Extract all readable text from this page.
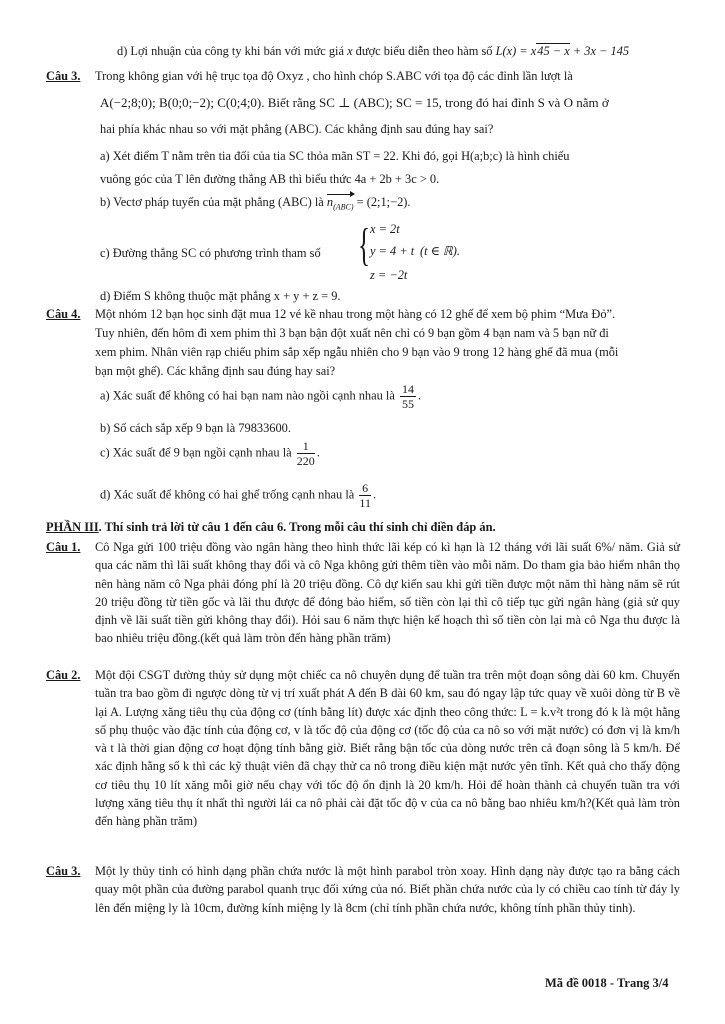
d) Lợi nhuận của công ty khi bán với mức giá x được biểu diễn theo hàm số L(x) = x45 − x + 3x − 145
Câu 3. Trong không gian với hệ trục tọa độ Oxyz , cho hình chóp S.ABC với tọa độ các đỉnh lần lượt là
A(−2;8;0); B(0;0;−2); C(0;4;0). Biết rằng SC ⊥ (ABC); SC = 15, trong đó hai đỉnh S và O nằm ở
hai phía khác nhau so với mặt phẳng (ABC). Các khẳng định sau đúng hay sai?
a) Xét điểm T nằm trên tia đối của tia SC thỏa mãn ST = 22. Khi đó, gọi H(a;b;c) là hình chiếu
vuông góc của T lên đường thẳng AB thì biểu thức 4a + 2b + 3c > 0.
b) Vectơ pháp tuyến của mặt phẳng (ABC) là $n_{(ABC)}$ = (2;1;−2).
c) Đường thẳng SC có phương trình tham số { x = 2t
y = 4 + t
z = −2t
(t ∈ ℝ).
d) Điểm S không thuộc mặt phẳng x + y + z = 9.
Câu 4. Một nhóm 12 bạn học sinh đặt mua 12 vé kề nhau trong một hàng có 12 ghế để xem bộ phim “Mưa Đỏ”.
Tuy nhiên, đến hôm đi xem phim thì 3 bạn bận đột xuất nên chỉ có 9 bạn gồm 4 bạn nam và 5 bạn nữ đi
xem phim. Nhân viên rạp chiếu phim sắp xếp ngẫu nhiên cho 9 bạn vào 9 trong 12 hàng ghế đã mua (mỗi
bạn một ghế). Các khẳng định sau đúng hay sai?
a) Xác suất để không có hai bạn nam nào ngồi cạnh nhau là $\frac{14}{55}$ .
b) Số cách sắp xếp 9 bạn là 79833600.
c) Xác suất để 9 bạn ngồi cạnh nhau là $\frac{1}{220}$ .
d) Xác suất để không có hai ghế trống cạnh nhau là $\frac{6}{11}$ .
PHẦN III. Thí sinh trả lời từ câu 1 đến câu 6. Trong mỗi câu thí sinh chỉ điền đáp án.
Câu 1. Cô Nga gửi 100 triệu đồng vào ngân hàng theo hình thức lãi kép có kì hạn là 12 tháng với lãi suất 6%/ năm. Giả sử qua các năm thì lãi suất không thay đổi và cô Nga không gửi thêm tiền vào mỗi năm. Do tham gia bảo hiểm nhân thọ nên hàng năm cô Nga phải đóng phí là 20 triệu đồng. Cô dự kiến sau khi gửi tiền được một năm thì hàng năm sẽ rút 20 triệu đồng từ tiền gốc và lãi thu được để đóng bảo hiểm, số tiền còn lại thì cô tiếp tục gửi ngân hàng (giả sử quy định về lãi suất tiền gửi không thay đổi). Hỏi sau 6 năm thực hiện kế hoạch thì số tiền còn lại mà cô Nga thu được là bao nhiêu triệu đồng.(kết quả làm tròn đến hàng phần trăm)
Câu 2. Một đội CSGT đường thủy sử dụng một chiếc ca nô chuyên dụng để tuần tra trên một đoạn sông dài 60 km. Chuyến tuần tra bao gồm đi ngược dòng từ vị trí xuất phát A đến B dài 60 km, sau đó ngay lập tức quay về xuôi dòng từ B về lại A. Lượng xăng tiêu thụ của động cơ (tính bằng lít) được xác định theo công thức: L = k.v²t trong đó k là một hằng số phụ thuộc vào đặc tính của động cơ, v là tốc độ của động cơ (tốc độ của ca nô so với mặt nước) có đơn vị là km/h và t là thời gian động cơ hoạt động tính bằng giờ. Biết rằng bận tốc của dòng nước trên cả đoạn sông là 5 km/h. Để xác định hằng số k thì các kỹ thuật viên đã chạy thử ca nô trong điều kiện mặt nước yên tĩnh. Kết quả cho thấy động cơ tiêu thụ 10 lít xăng mỗi giờ nếu chạy với tốc độ ổn định là 20 km/h. Hỏi để hoàn thành cả chuyến tuần tra với lượng xăng tiêu thụ ít nhất thì người lái ca nô phải cài đặt tốc độ v của ca nô bằng bao nhiêu km/h?(Kết quả làm tròn đến hàng phần trăm)
Câu 3. Một ly thủy tinh có hình dạng phần chứa nước là một hình parabol tròn xoay. Hình dạng này được tạo ra bằng cách quay một phần của đường parabol quanh trục đối xứng của nó. Biết phần chứa nước của ly có chiều cao tính từ đáy ly lên đến miệng ly là 10cm, đường kính miệng ly là 8cm (chỉ tính phần chứa nước, không tính phần thủy tinh).
Mã đề 0018 - Trang 3/4
